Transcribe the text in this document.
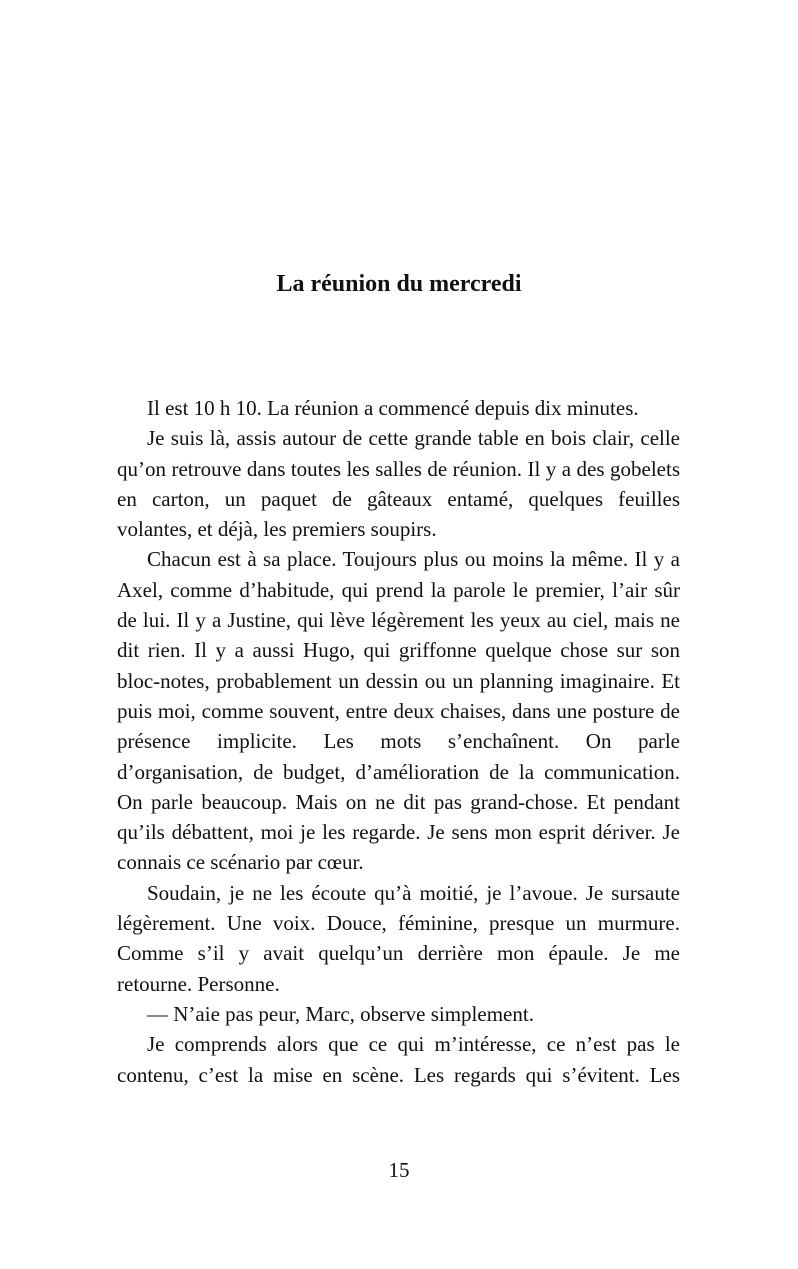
La réunion du mercredi

Il est 10 h 10. La réunion a commencé depuis dix minutes.

Je suis là, assis autour de cette grande table en bois clair, celle qu’on retrouve dans toutes les salles de réunion. Il y a des gobelets en carton, un paquet de gâteaux entamé, quelques feuilles volantes, et déjà, les premiers soupirs.

Chacun est à sa place. Toujours plus ou moins la même. Il y a Axel, comme d’habitude, qui prend la parole le premier, l’air sûr de lui. Il y a Justine, qui lève légèrement les yeux au ciel, mais ne dit rien. Il y a aussi Hugo, qui griffonne quelque chose sur son bloc-notes, probablement un dessin ou un planning imaginaire. Et puis moi, comme souvent, entre deux chaises, dans une posture de présence implicite. Les mots s’enchaînent. On parle d’organisation, de budget, d’amélioration de la communication. On parle beaucoup. Mais on ne dit pas grand-chose. Et pendant qu’ils débattent, moi je les regarde. Je sens mon esprit dériver. Je connais ce scénario par cœur.

Soudain, je ne les écoute qu’à moitié, je l’avoue. Je sursaute légèrement. Une voix. Douce, féminine, presque un murmure. Comme s’il y avait quelqu’un derrière mon épaule. Je me retourne. Personne.

— N’aie pas peur, Marc, observe simplement.

Je comprends alors que ce qui m’intéresse, ce n’est pas le contenu, c’est la mise en scène. Les regards qui s’évitent. Les

15
